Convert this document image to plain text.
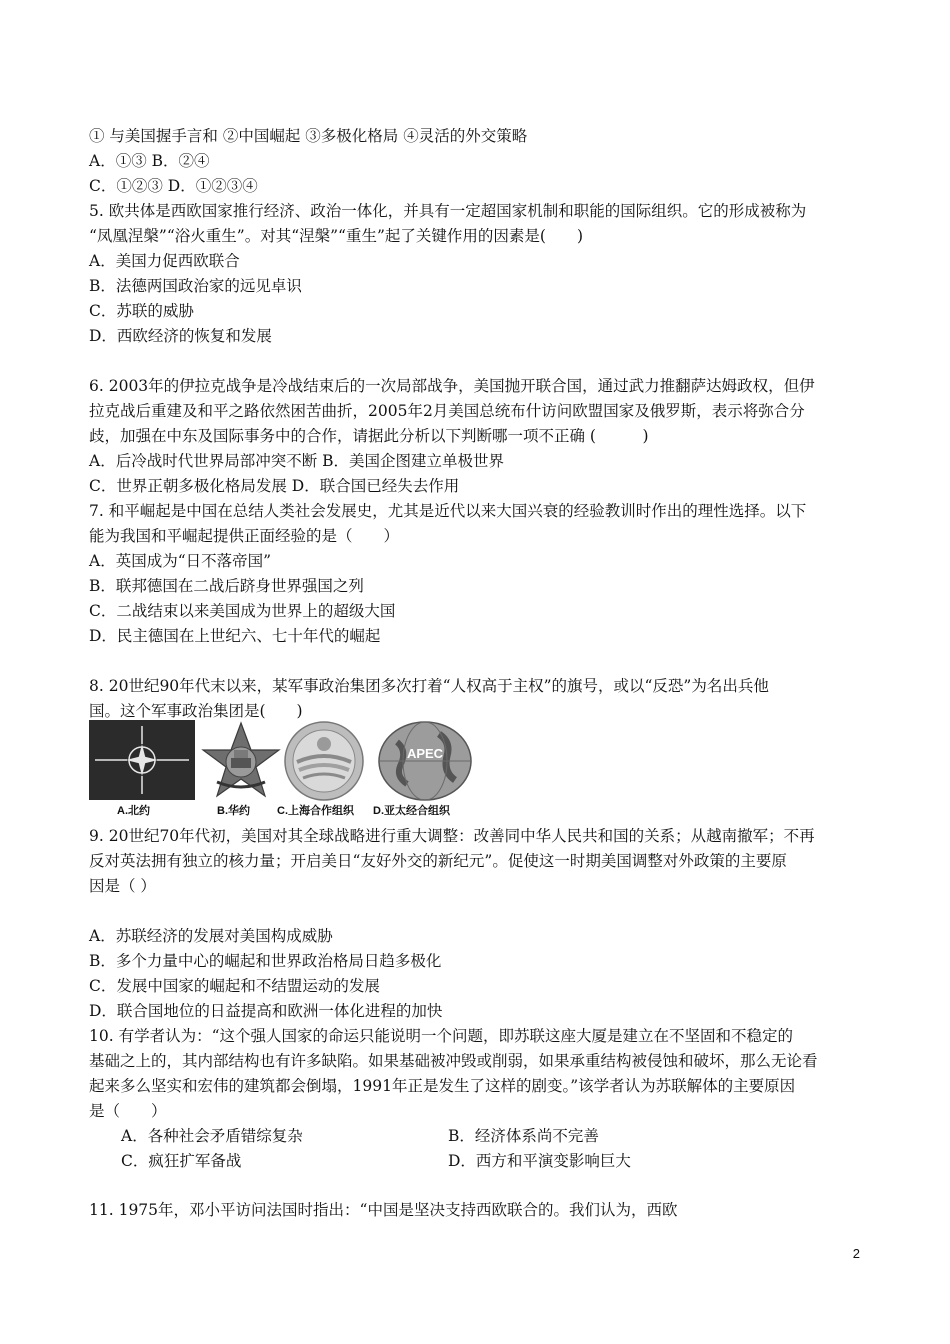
① 与美国握手言和 ②中国崛起 ③多极化格局 ④灵活的外交策略
A．①③ B．②④
C．①②③ D．①②③④
5. 欧共体是西欧国家推行经济、政治一体化，并具有一定超国家机制和职能的国际组织。它的形成被称为
“凤凰涅槃”“浴火重生”。对其“涅槃”“重生”起了关键作用的因素是(　　)
A．美国力促西欧联合
B．法德两国政治家的远见卓识
C．苏联的威胁
D．西欧经济的恢复和发展
6. 2003年的伊拉克战争是冷战结束后的一次局部战争，美国抛开联合国，通过武力推翻萨达姆政权，但伊
拉克战后重建及和平之路依然困苦曲折，2005年2月美国总统布什访问欧盟国家及俄罗斯，表示将弥合分
歧，加强在中东及国际事务中的合作，请据此分析以下判断哪一项不正确 (　　　)
A．后冷战时代世界局部冲突不断 B．美国企图建立单极世界
C．世界正朝多极化格局发展 D．联合国已经失去作用
7. 和平崛起是中国在总结人类社会发展史，尤其是近代以来大国兴衰的经验教训时作出的理性选择。以下
能为我国和平崛起提供正面经验的是（　　）
A．英国成为“日不落帝国”
B．联邦德国在二战后跻身世界强国之列
C．二战结束以来美国成为世界上的超级大国
D．民主德国在上世纪六、七十年代的崛起
8. 20世纪90年代末以来，某军事政治集团多次打着“人权高于主权”的旗号，或以“反恐”为名出兵他
国。这个军事政治集团是(　　)
A.北约	B.华约 C.上海合作组织
APEC
D.亚太经合组织
9. 20世纪70年代初，美国对其全球战略进行重大调整：改善同中华人民共和国的关系；从越南撤军；不再
反对英法拥有独立的核力量；开启美日“友好外交的新纪元”。促使这一时期美国调整对外政策的主要原
因是（ ）
A．苏联经济的发展对美国构成威胁
B．多个力量中心的崛起和世界政治格局日趋多极化
C．发展中国家的崛起和不结盟运动的发展
D．联合国地位的日益提高和欧洲一体化进程的加快
10. 有学者认为：“这个强人国家的命运只能说明一个问题，即苏联这座大厦是建立在不坚固和不稳定的
基础之上的，其内部结构也有许多缺陷。如果基础被冲毁或削弱，如果承重结构被侵蚀和破坏，那么无论看
起来多么坚实和宏伟的建筑都会倒塌，1991年正是发生了这样的剧变。”该学者认为苏联解体的主要原因
是（　　）
A．各种社会矛盾错综复杂	B．经济体系尚不完善
C．疯狂扩军备战	D．西方和平演变影响巨大
11. 1975年，邓小平访问法国时指出：“中国是坚决支持西欧联合的。我们认为，西欧
2
